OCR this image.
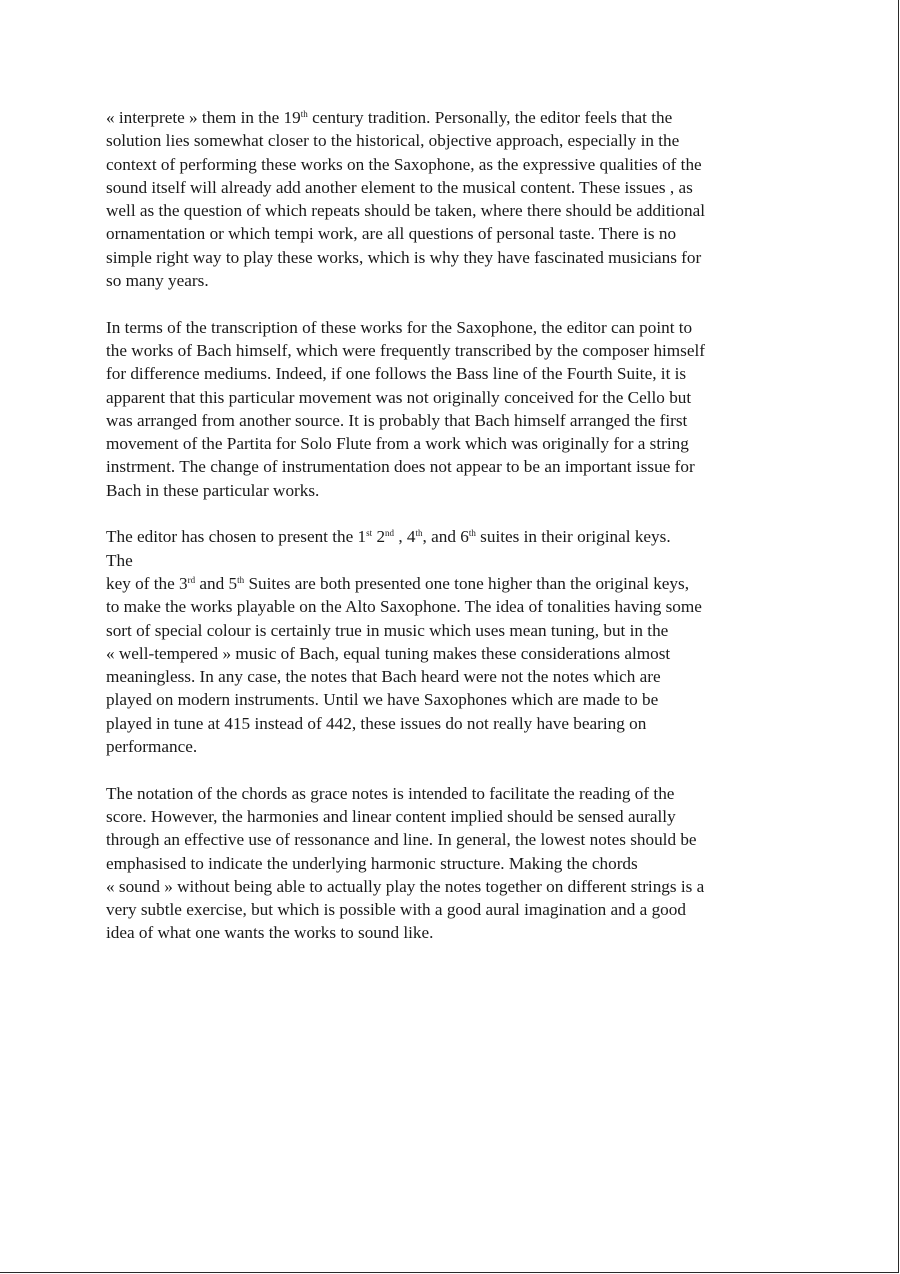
« interprete » them in the 19th century tradition. Personally, the editor feels that the
solution lies somewhat closer to the historical, objective approach, especially in the
context of performing these works on the Saxophone, as the expressive qualities of the
sound itself will already add another element to the musical content. These issues , as
well as the question of which repeats should be taken, where there should be additional
ornamentation or which tempi work, are all questions of personal taste. There is no
simple right way to play these works, which is why they have fascinated musicians for
so many years.

In terms of the transcription of these works for the Saxophone, the editor can point to
the works of Bach himself, which were frequently transcribed by the composer himself
for difference mediums. Indeed, if one follows the Bass line of the Fourth Suite, it is
apparent that this particular movement was not originally conceived for the Cello but
was arranged from another source. It is probably that Bach himself arranged the first
movement of the Partita for Solo Flute from a work which was originally for a string
instrment. The change of instrumentation does not appear to be an important issue for
Bach in these particular works.

The editor has chosen to present the 1st 2nd , 4th, and 6th suites in their original keys.
The
key of the 3rd and 5th Suites are both presented one tone higher than the original keys,
to make the works playable on the Alto Saxophone. The idea of tonalities having some
sort of special colour is certainly true in music which uses mean tuning, but in the
« well-tempered » music of Bach, equal tuning makes these considerations almost
meaningless. In any case, the notes that Bach heard were not the notes which are
played on modern instruments. Until we have Saxophones which are made to be
played in tune at 415 instead of 442, these issues do not really have bearing on
performance.

The notation of the chords as grace notes is intended to facilitate the reading of the
score. However, the harmonies and linear content implied should be sensed aurally
through an effective use of ressonance and line. In general, the lowest notes should be
emphasised to indicate the underlying harmonic structure. Making the chords
« sound » without being able to actually play the notes together on different strings is a
very subtle exercise, but which is possible with a good aural imagination and a good
idea of what one wants the works to sound like.
